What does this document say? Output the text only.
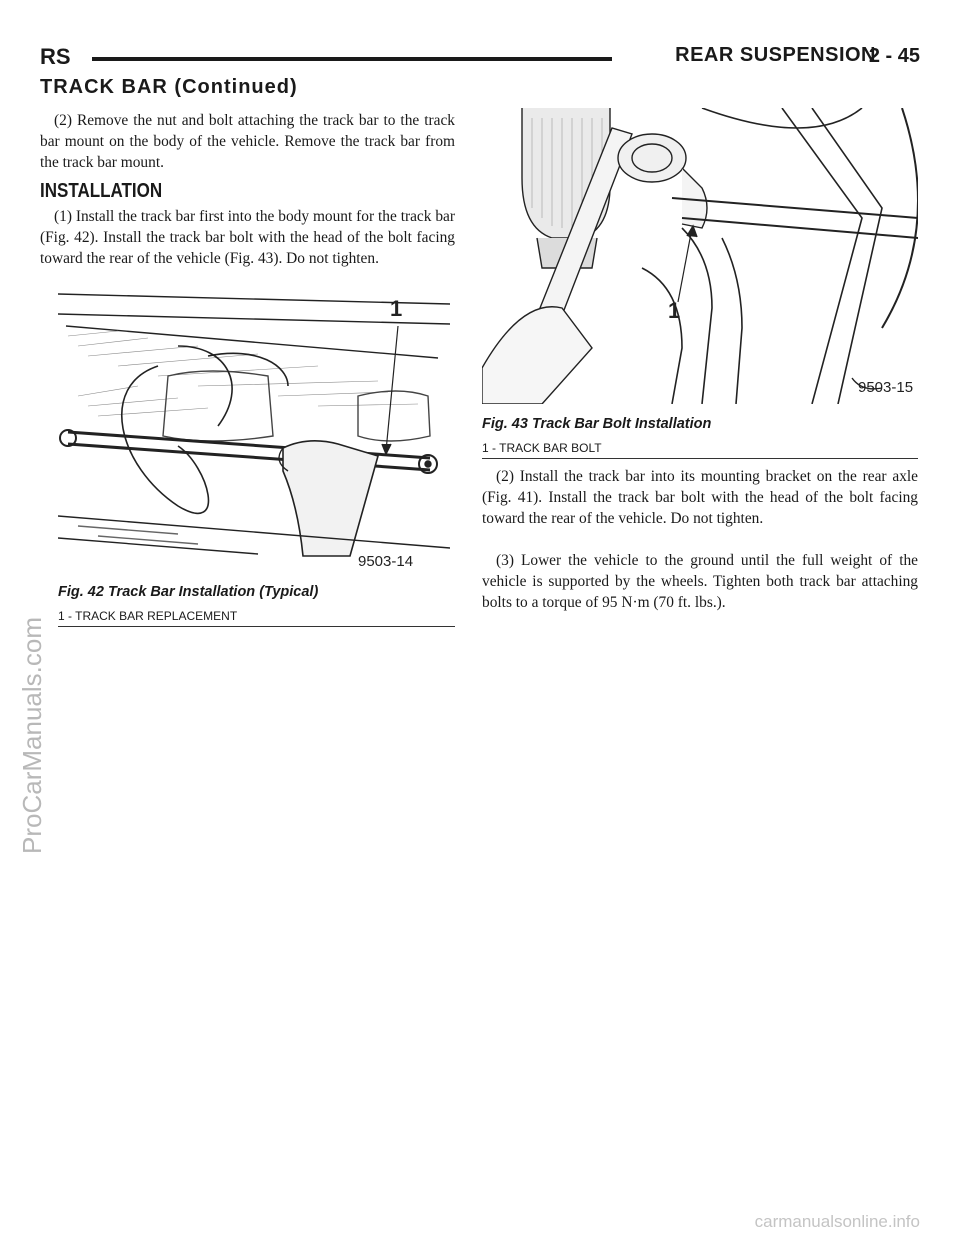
RS	REAR SUSPENSION
2 - 45
TRACK BAR (Continued)

(2) Remove the nut and bolt attaching the track bar to the track bar mount on the body of the vehicle. Remove the track bar from the track bar mount.

INSTALLATION

(1) Install the track bar first into the body mount for the track bar (Fig. 42). Install the track bar bolt with the head of the bolt facing toward the rear of the vehicle (Fig. 43). Do not tighten.

1
9503-14
Fig. 42 Track Bar Installation (Typical)
1 - TRACK BAR REPLACEMENT
1
9503-15
Fig. 43 Track Bar Bolt Installation
1 - TRACK BAR BOLT

(2) Install the track bar into its mounting bracket on the rear axle (Fig. 41). Install the track bar bolt with the head of the bolt facing toward the rear of the vehicle. Do not tighten.

(3) Lower the vehicle to the ground until the full weight of the vehicle is supported by the wheels. Tighten both track bar attaching bolts to a torque of 95 N·m (70 ft. lbs.).

ProCarManuals.com
carmanualsonline.info
